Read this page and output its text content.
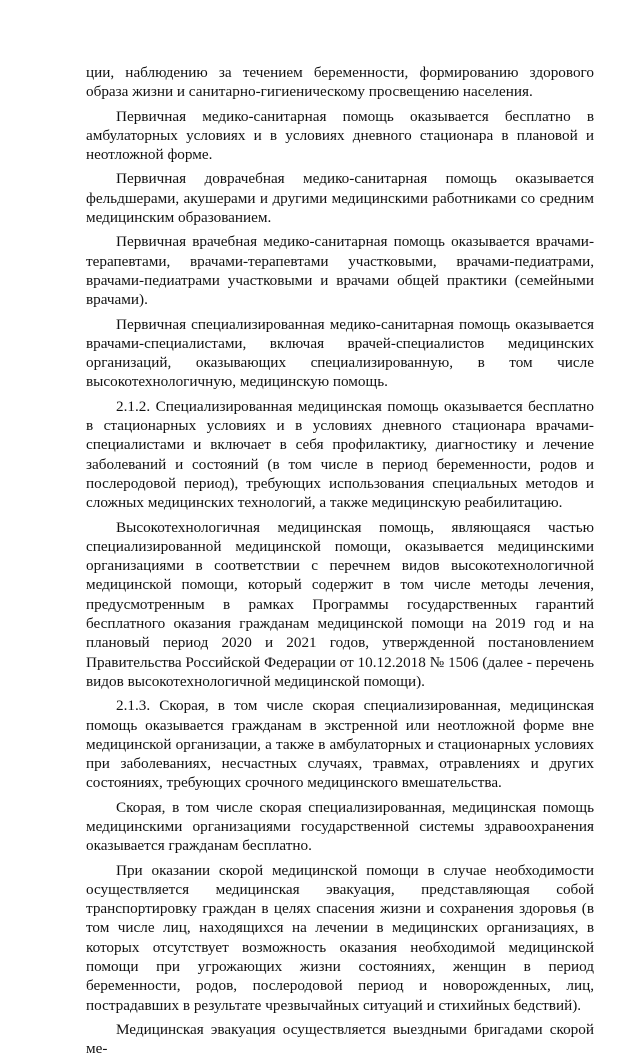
ции, наблюдению за течением беременности, формированию здорового образа жизни и санитарно-гигиеническому просвещению населения.

Первичная медико-санитарная помощь оказывается бесплатно в амбулаторных условиях и в условиях дневного стационара в плановой и неотложной форме.

Первичная доврачебная медико-санитарная помощь оказывается фельдшерами, акушерами и другими медицинскими работниками со средним медицинским образованием.

Первичная врачебная медико-санитарная помощь оказывается врачами-терапевтами, врачами-терапевтами участковыми, врачами-педиатрами, врачами-педиатрами участковыми и врачами общей практики (семейными врачами).

Первичная специализированная медико-санитарная помощь оказывается врачами-специалистами, включая врачей-специалистов медицинских организаций, оказывающих специализированную, в том числе высокотехнологичную, медицинскую помощь.

2.1.2. Специализированная медицинская помощь оказывается бесплатно в стационарных условиях и в условиях дневного стационара врачами-специалистами и включает в себя профилактику, диагностику и лечение заболеваний и состояний (в том числе в период беременности, родов и послеродовой период), требующих использования специальных методов и сложных медицинских технологий, а также медицинскую реабилитацию.

Высокотехнологичная медицинская помощь, являющаяся частью специализированной медицинской помощи, оказывается медицинскими организациями в соответствии с перечнем видов высокотехнологичной медицинской помощи, который содержит в том числе методы лечения, предусмотренным в рамках Программы государственных гарантий бесплатного оказания гражданам медицинской помощи на 2019 год и на плановый период 2020 и 2021 годов, утвержденной постановлением Правительства Российской Федерации от 10.12.2018 № 1506 (далее - перечень видов высокотехнологичной медицинской помощи).

2.1.3. Скорая, в том числе скорая специализированная, медицинская помощь оказывается гражданам в экстренной или неотложной форме вне медицинской организации, а также в амбулаторных и стационарных условиях при заболеваниях, несчастных случаях, травмах, отравлениях и других состояниях, требующих срочного медицинского вмешательства.

Скорая, в том числе скорая специализированная, медицинская помощь медицинскими организациями государственной системы здравоохранения оказывается гражданам бесплатно.

При оказании скорой медицинской помощи в случае необходимости осуществляется медицинская эвакуация, представляющая собой транспортировку граждан в целях спасения жизни и сохранения здоровья (в том числе лиц, находящихся на лечении в медицинских организациях, в которых отсутствует возможность оказания необходимой медицинской помощи при угрожающих жизни состояниях, женщин в период беременности, родов, послеродовой период и новорожденных, лиц, пострадавших в результате чрезвычайных ситуаций и стихийных бедствий).

Медицинская эвакуация осуществляется выездными бригадами скорой ме-
